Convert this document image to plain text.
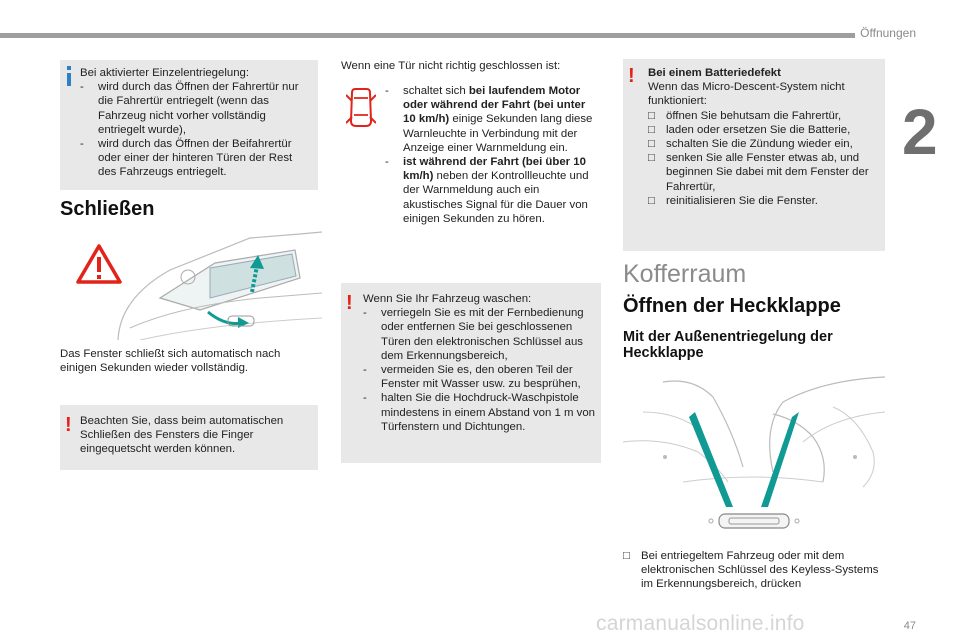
Öffnungen
2

Bei aktivierter Einzelentriegelung:

- wird durch das Öffnen der Fahrertür nur die Fahrertür entriegelt (wenn das Fahrzeug nicht vorher vollständig entriegelt wurde),
- wird durch das Öffnen der Beifahrertür oder einer der hinteren Türen der Rest des Fahrzeugs entriegelt.
Schließen
Das Fenster schließt sich automatisch nach einigen Sekunden wieder vollständig.
! Beachten Sie, dass beim automatischen Schließen des Fensters die Finger eingequetscht werden können.
Wenn eine Tür nicht richtig geschlossen ist:
- schaltet sich bei laufendem Motor oder während der Fahrt (bei unter 10 km/h) einige Sekunden lang diese Warnleuchte in Verbindung mit der Anzeige einer Warnmeldung ein.
- ist während der Fahrt (bei über 10 km/h) neben der Kontrollleuchte und der Warnmeldung auch ein akustisches Signal für die Dauer von einigen Sekunden zu hören.
! Wenn Sie Ihr Fahrzeug waschen:

- verriegeln Sie es mit der Fernbedienung oder entfernen Sie bei geschlossenen Türen den elektronischen Schlüssel aus dem Erkennungsbereich,
- vermeiden Sie es, den oberen Teil der Fenster mit Wasser usw. zu besprühen,
- halten Sie die Hochdruck-Waschpistole mindestens in einem Abstand von 1 m von Türfenstern und Dichtungen.
! Bei einem Batteriedefekt

Wenn das Micro-Descent-System nicht funktioniert:

□ öffnen Sie behutsam die Fahrertür,
□ laden oder ersetzen Sie die Batterie,
□ schalten Sie die Zündung wieder ein,
□ senken Sie alle Fenster etwas ab, und beginnen Sie dabei mit dem Fenster der Fahrertür,
□ reinitialisieren Sie die Fenster.
Kofferraum
Öffnen der Heckklappe
Mit der Außenentriegelung der Heckklappe
□ Bei entriegeltem Fahrzeug oder mit dem elektronischen Schlüssel des Keyless-Systems im Erkennungsbereich, drücken
carmanualsonline.info	47
